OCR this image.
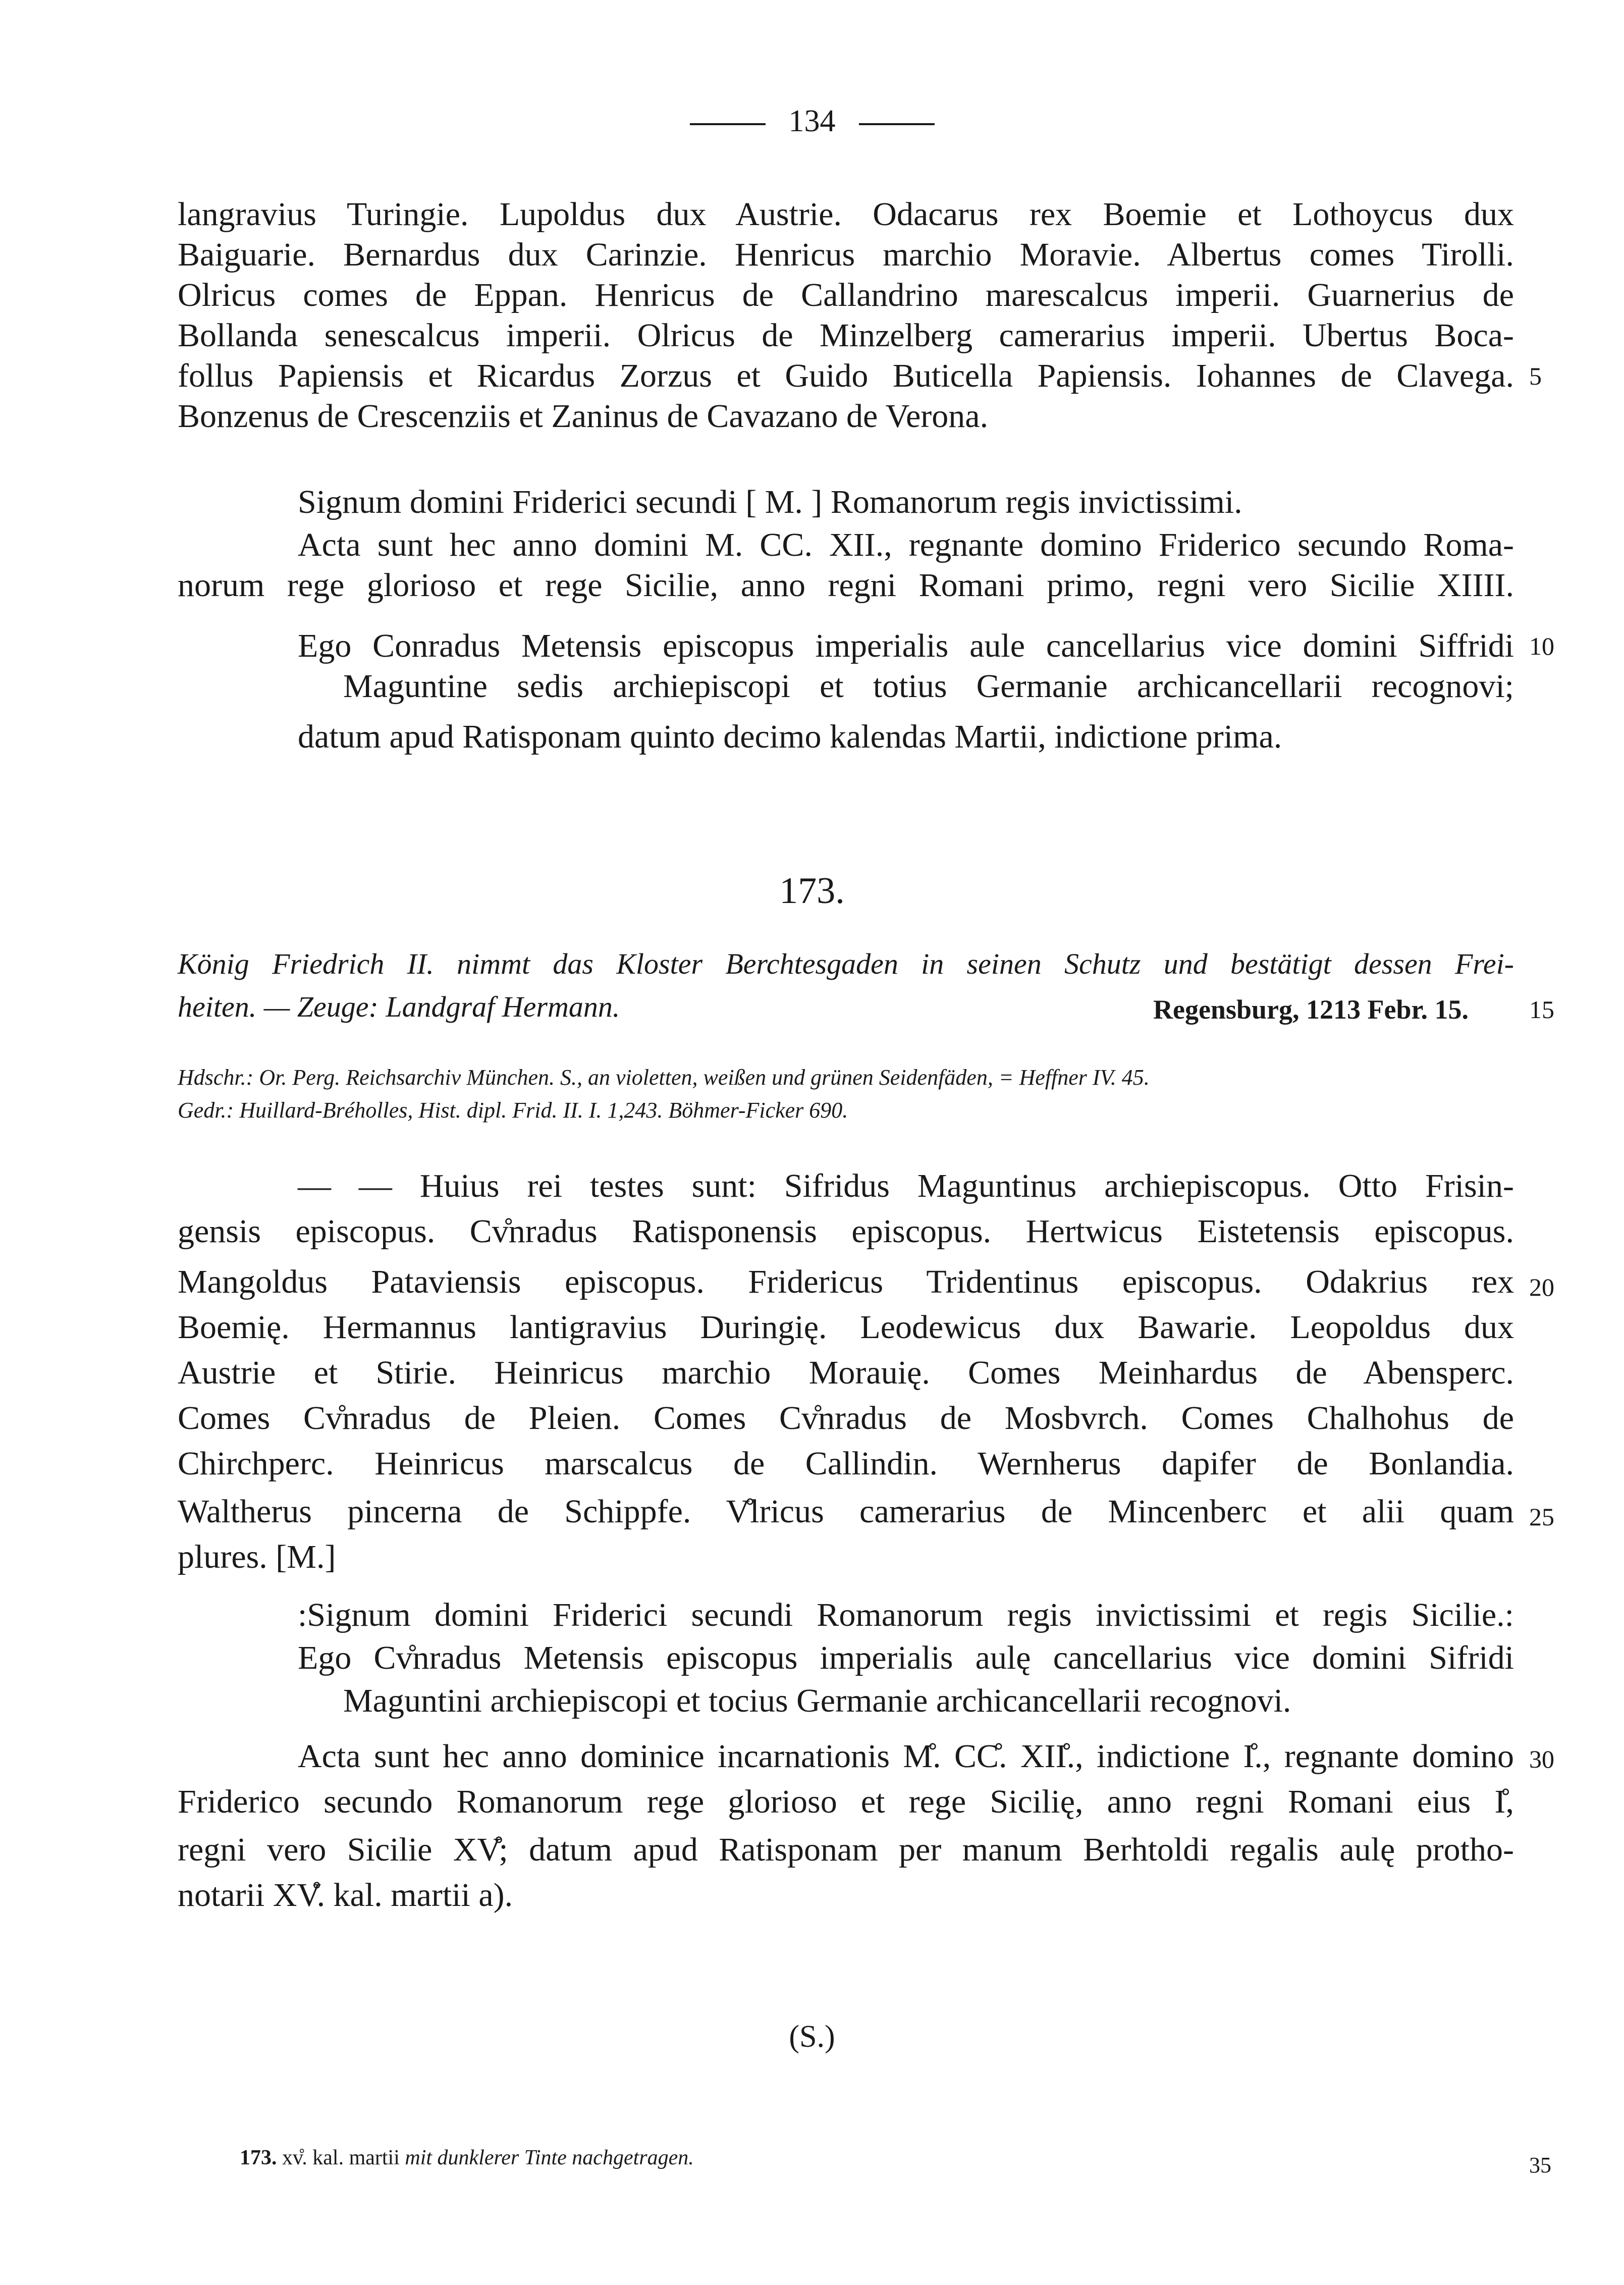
134
langravius Turingie. Lupoldus dux Austrie. Odacarus rex Boemie et Lothoycus dux
Baiguarie. Bernardus dux Carinzie. Henricus marchio Moravie. Albertus comes Tirolli.
Olricus comes de Eppan. Henricus de Callandrino marescalcus imperii. Guarnerius de
Bollanda senescalcus imperii. Olricus de Minzelberg camerarius imperii. Ubertus Boca-
follus Papiensis et Ricardus Zorzus et Guido Buticella Papiensis. Iohannes de Clavega. 5
Bonzenus de Crescenziis et Zaninus de Cavazano de Verona.
Signum domini Friderici secundi [ M. ] Romanorum regis invictissimi.
Acta sunt hec anno domini M. CC. XII., regnante domino Friderico secundo Roma-
norum rege glorioso et rege Sicilie, anno regni Romani primo, regni vero Sicilie XIIII.
Ego Conradus Metensis episcopus imperialis aule cancellarius vice domini Siffridi 10
Maguntine sedis archiepiscopi et totius Germanie archicancellarii recognovi;
datum apud Ratisponam quinto decimo kalendas Martii, indictione prima.
173.
König Friedrich II. nimmt das Kloster Berchtesgaden in seinen Schutz und bestätigt dessen Frei-
heiten. — Zeuge: Landgraf Hermann.	Regensburg, 1213 Febr. 15. 15
Hdschr.: Or. Perg. Reichsarchiv München. S., an violetten, weißen und grünen Seidenfäden, = Heffner IV. 45.
Gedr.: Huillard-Bréholles, Hist. dipl. Frid. II. I. 1,243. Böhmer-Ficker 690.
— — Huius rei testes sunt: Sifridus Maguntinus archiepiscopus. Otto Frisin-
gensis episcopus. Cv̊nradus Ratisponensis episcopus. Hertwicus Eistetensis episcopus.
Mangoldus Pataviensis episcopus. Fridericus Tridentinus episcopus. Odakrius rex 20
Boemię. Hermannus lantigravius Duringię. Leodewicus dux Bawarie. Leopoldus dux
Austrie et Stirie. Heinricus marchio Morauię. Comes Meinhardus de Abensperc.
Comes Cv̊nradus de Pleien. Comes Cv̊nradus de Mosbvrch. Comes Chalhohus de
Chirchperc. Heinricus marscalcus de Callindin. Wernherus dapifer de Bonlandia.
Waltherus pincerna de Schippfe. V̊lricus camerarius de Mincenberc et alii quam 25
plures. [M.]
:Signum domini Friderici secundi Romanorum regis invictissimi et regis Sicilie.:
Ego Cv̊nradus Metensis episcopus imperialis aulę cancellarius vice domini Sifridi
Maguntini archiepiscopi et tocius Germanie archicancellarii recognovi.
Acta sunt hec anno dominice incarnationis M̊. CC̊. XII̊., indictione I̊., regnante domino 30
Friderico secundo Romanorum rege glorioso et rege Sicilię, anno regni Romani eius I̊,
regni vero Sicilie XV̊; datum apud Ratisponam per manum Berhtoldi regalis aulę protho-
notarii XV̊. kal. martii a).
(S.)
173. xv̊. kal. martii mit dunklerer Tinte nachgetragen.	35
